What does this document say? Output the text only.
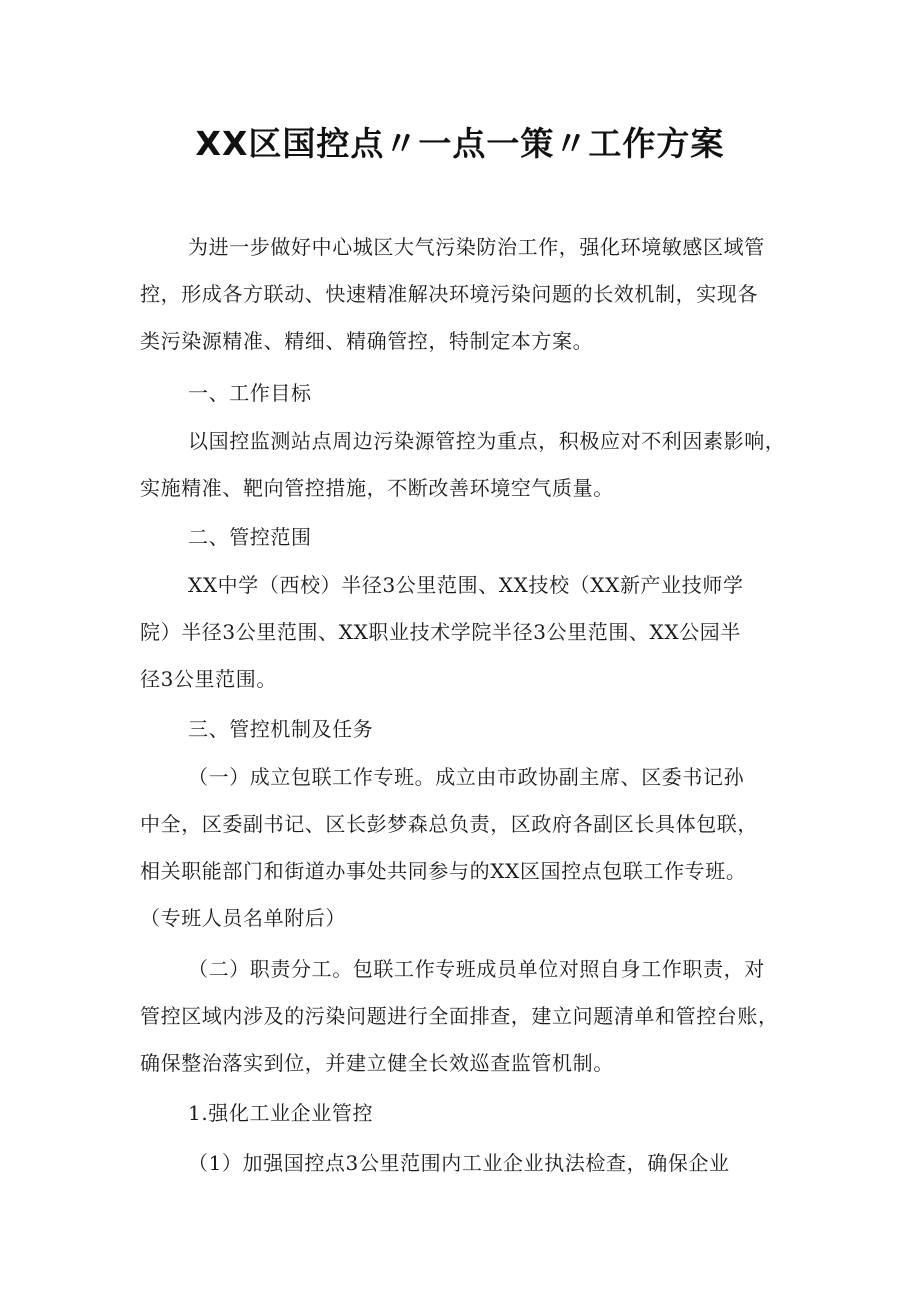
XX区国控点〃一点一策〃工作方案
为进一步做好中心城区大气污染防治工作，强化环境敏感区域管
控，形成各方联动、快速精准解决环境污染问题的长效机制，实现各
类污染源精准、精细、精确管控，特制定本方案。
一、工作目标
以国控监测站点周边污染源管控为重点，积极应对不利因素影响，
实施精准、靶向管控措施，不断改善环境空气质量。
二、管控范围
XX中学（西校）半径3公里范围、XX技校（XX新产业技师学
院）半径3公里范围、XX职业技术学院半径3公里范围、XX公园半
径3公里范围。
三、管控机制及任务
（一）成立包联工作专班。成立由市政协副主席、区委书记孙
中全，区委副书记、区长彭梦森总负责，区政府各副区长具体包联，
相关职能部门和街道办事处共同参与的XX区国控点包联工作专班。
（专班人员名单附后）
（二）职责分工。包联工作专班成员单位对照自身工作职责，对
管控区域内涉及的污染问题进行全面排查，建立问题清单和管控台账，
确保整治落实到位，并建立健全长效巡查监管机制。
1.强化工业企业管控
（1）加强国控点3公里范围内工业企业执法检查，确保企业
